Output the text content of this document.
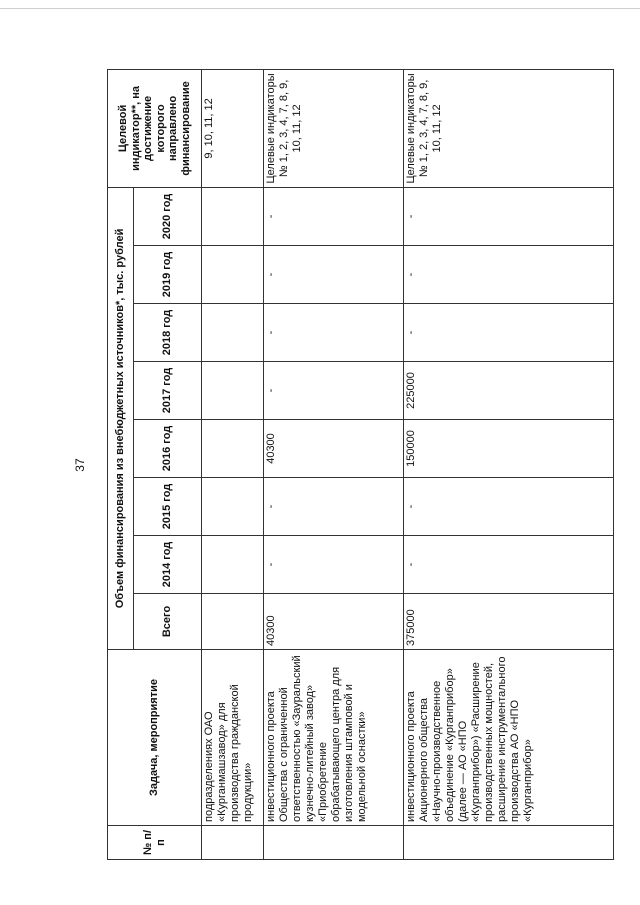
37
№ п/п	Задача, мероприятие	Объем финансирования из внебюджетных источников*, тыс. рублей								Целевой индикатор**, на достижение которого направлено финансирование
		Всего	2014 год	2015 год	2016 год	2017 год	2018 год	2019 год	2020 год	
	подразделениях ОАО «Курганмашзавод» для производства гражданской продукции»									9, 10, 11, 12
	инвестиционного проекта Общества с ограниченной ответственностью «Зауральский кузнечно-литейный завод» «Приобретение обрабатывающего центра для изготовления штамповой и модельной оснастки»	40300	-	-	40300	-	-	-	-	Целевые индикаторы № 1, 2, 3, 4, 7, 8, 9, 10, 11, 12
	инвестиционного проекта Акционерного общества «Научно-производственное объединение «Курганприбор» (далее — АО «НПО «Курганприбор») «Расширение производственных мощностей, расширение инструментального производства АО «НПО «Курганприбор»	375000	-	-	150000	225000	-	-	-	Целевые индикаторы № 1, 2, 3, 4, 7, 8, 9, 10, 11, 12
